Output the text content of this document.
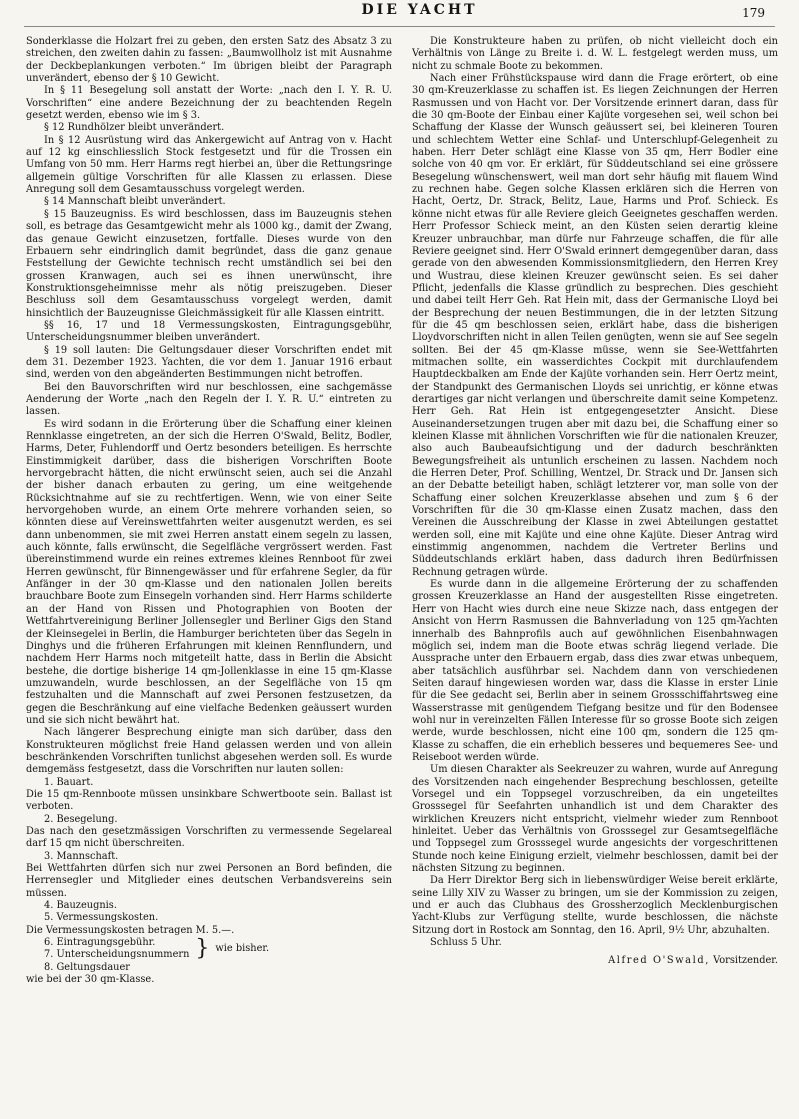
DIE YACHT	179

Sonderklasse die Holzart frei zu geben, den ersten Satz des Absatz 3 zu streichen, den zweiten dahin zu fassen: „Baumwollholz ist mit Ausnahme der Deckbeplankungen verboten.“ Im übrigen bleibt der Paragraph unverändert, ebenso der § 10 Gewicht.

In § 11 Besegelung soll anstatt der Worte: „nach den I. Y. R. U. Vorschriften“ eine andere Bezeichnung der zu beachtenden Regeln gesetzt werden, ebenso wie im § 3.

§ 12 Rundhölzer bleibt unverändert.

In § 12 Ausrüstung wird das Ankergewicht auf Antrag von v. Hacht auf 12 kg einschliesslich Stock festgesetzt und für die Trossen ein Umfang von 50 mm. Herr Harms regt hierbei an, über die Rettungsringe allgemein gültige Vorschriften für alle Klassen zu erlassen. Diese Anregung soll dem Gesamtausschuss vorgelegt werden.

§ 14 Mannschaft bleibt unverändert.

§ 15 Bauzeugniss. Es wird beschlossen, dass im Bauzeugnis stehen soll, es betrage das Gesamtgewicht mehr als 1000 kg., damit der Zwang, das genaue Gewicht einzusetzen, fortfalle. Dieses wurde von den Erbauern sehr eindringlich damit begründet, dass die ganz genaue Feststellung der Gewichte technisch recht umständlich sei bei den grossen Kranwagen, auch sei es ihnen unerwünscht, ihre Konstruktionsgeheimnisse mehr als nötig preiszugeben. Dieser Beschluss soll dem Gesamtausschuss vorgelegt werden, damit hinsichtlich der Bauzeugnisse Gleichmässigkeit für alle Klassen eintritt.

§§ 16, 17 und 18 Vermessungskosten, Eintragungsgebühr, Unterscheidungsnummer bleiben unverändert.

§ 19 soll lauten: Die Geltungsdauer dieser Vorschriften endet mit dem 31. Dezember 1923. Yachten, die vor dem 1. Januar 1916 erbaut sind, werden von den abgeänderten Bestimmungen nicht betroffen.

Bei den Bauvorschriften wird nur beschlossen, eine sachgemässe Aenderung der Worte „nach den Regeln der I. Y. R. U.“ eintreten zu lassen.

Es wird sodann in die Erörterung über die Schaffung einer kleinen Rennklasse eingetreten, an der sich die Herren O'Swald, Belitz, Bodler, Harms, Deter, Fuhlendorff und Oertz besonders beteiligen. Es herrschte Einstimmigkeit darüber, dass die bisherigen Vorschriften Boote hervorgebracht hätten, die nicht erwünscht seien, auch sei die Anzahl der bisher danach erbauten zu gering, um eine weitgehende Rücksichtnahme auf sie zu rechtfertigen. Wenn, wie von einer Seite hervorgehoben wurde, an einem Orte mehrere vorhanden seien, so könnten diese auf Vereinswettfahrten weiter ausgenutzt werden, es sei dann unbenommen, sie mit zwei Herren anstatt einem segeln zu lassen, auch könnte, falls erwünscht, die Segelfläche vergrössert werden. Fast übereinstimmend wurde ein reines extremes kleines Rennboot für zwei Herren gewünscht, für Binnengewässer und für erfahrene Segler, da für Anfänger in der 30 qm-Klasse und den nationalen Jollen bereits brauchbare Boote zum Einsegeln vorhanden sind. Herr Harms schilderte an der Hand von Rissen und Photographien von Booten der Wettfahrtvereinigung Berliner Jollensegler und Berliner Gigs den Stand der Kleinsegelei in Berlin, die Hamburger berichteten über das Segeln in Dinghys und die früheren Erfahrungen mit kleinen Rennflundern, und nachdem Herr Harms noch mitgeteilt hatte, dass in Berlin die Absicht bestehe, die dortige bisherige 14 qm-Jollenklasse in eine 15 qm-Klasse umzuwandeln, wurde beschlossen, an der Segelfläche von 15 qm festzuhalten und die Mannschaft auf zwei Personen festzusetzen, da gegen die Beschränkung auf eine vielfache Bedenken geäussert wurden und sie sich nicht bewährt hat.

Nach längerer Besprechung einigte man sich darüber, dass den Konstrukteuren möglichst freie Hand gelassen werden und von allein beschränkenden Vorschriften tunlichst abgesehen werden soll. Es wurde demgemäss festgesetzt, dass die Vorschriften nur lauten sollen:

1. Bauart.

Die 15 qm-Rennboote müssen unsinkbare Schwertboote sein. Ballast ist verboten.

2. Besegelung.

Das nach den gesetzmässigen Vorschriften zu vermessende Segelareal darf 15 qm nicht überschreiten.

3. Mannschaft.

Bei Wettfahrten dürfen sich nur zwei Personen an Bord befinden, die Herrensegler und Mitglieder eines deutschen Verbandsvereins sein müssen.

4. Bauzeugnis.
5. Vermessungskosten.
Die Vermessungskosten betragen M. 5.—.
6. Eintragungsgebühr.
7. Unterscheidungsnummern } wie bisher.
8. Geltungsdauer
wie bei der 30 qm-Klasse.

Die Konstrukteure haben zu prüfen, ob nicht vielleicht doch ein Verhältnis von Länge zu Breite i. d. W. L. festgelegt werden muss, um nicht zu schmale Boote zu bekommen.

Nach einer Frühstückspause wird dann die Frage erörtert, ob eine 30 qm-Kreuzerklasse zu schaffen ist. Es liegen Zeichnungen der Herren Rasmussen und von Hacht vor. Der Vorsitzende erinnert daran, dass für die 30 qm-Boote der Einbau einer Kajüte vorgesehen sei, weil schon bei Schaffung der Klasse der Wunsch geäussert sei, bei kleineren Touren und schlechtem Wetter eine Schlaf- und Unterschlupf-Gelegenheit zu haben. Herr Deter schlägt eine Klasse von 35 qm, Herr Bodler eine solche von 40 qm vor. Er erklärt, für Süddeutschland sei eine grössere Besegelung wünschenswert, weil man dort sehr häufig mit flauem Wind zu rechnen habe. Gegen solche Klassen erklären sich die Herren von Hacht, Oertz, Dr. Strack, Belitz, Laue, Harms und Prof. Schieck. Es könne nicht etwas für alle Reviere gleich Geeignetes geschaffen werden. Herr Professor Schieck meint, an den Küsten seien derartig kleine Kreuzer unbrauchbar, man dürfe nur Fahrzeuge schaffen, die für alle Reviere geeignet sind. Herr O'Swald erinnert demgegenüber daran, dass gerade von den abwesenden Kommissionsmitgliedern, den Herren Krey und Wustrau, diese kleinen Kreuzer gewünscht seien. Es sei daher Pflicht, jedenfalls die Klasse gründlich zu besprechen. Dies geschieht und dabei teilt Herr Geh. Rat Hein mit, dass der Germanische Lloyd bei der Besprechung der neuen Bestimmungen, die in der letzten Sitzung für die 45 qm beschlossen seien, erklärt habe, dass die bisherigen Lloydvorschriften nicht in allen Teilen genügten, wenn sie auf See segeln sollten. Bei der 45 qm-Klasse müsse, wenn sie See-Wettfahrten mitmachen sollte, ein wasserdichtes Cockpit mit durchlaufendem Hauptdeckbalken am Ende der Kajüte vorhanden sein. Herr Oertz meint, der Standpunkt des Germanischen Lloyds sei unrichtig, er könne etwas derartiges gar nicht verlangen und überschreite damit seine Kompetenz. Herr Geh. Rat Hein ist entgegengesetzter Ansicht. Diese Auseinandersetzungen trugen aber mit dazu bei, die Schaffung einer so kleinen Klasse mit ähnlichen Vorschriften wie für die nationalen Kreuzer, also auch Baubeaufsichtigung und der dadurch beschränkten Bewegungsfreiheit als untunlich erscheinen zu lassen. Nachdem noch die Herren Deter, Prof. Schilling, Wentzel, Dr. Strack und Dr. Jansen sich an der Debatte beteiligt haben, schlägt letzterer vor, man solle von der Schaffung einer solchen Kreuzerklasse absehen und zum § 6 der Vorschriften für die 30 qm-Klasse einen Zusatz machen, dass den Vereinen die Ausschreibung der Klasse in zwei Abteilungen gestattet werden soll, eine mit Kajüte und eine ohne Kajüte. Dieser Antrag wird einstimmig angenommen, nachdem die Vertreter Berlins und Süddeutschlands erklärt haben, dass dadurch ihren Bedürfnissen Rechnung getragen würde.

Es wurde dann in die allgemeine Erörterung der zu schaffenden grossen Kreuzerklasse an Hand der ausgestellten Risse eingetreten. Herr von Hacht wies durch eine neue Skizze nach, dass entgegen der Ansicht von Herrn Rasmussen die Bahnverladung von 125 qm-Yachten innerhalb des Bahnprofils auch auf gewöhnlichen Eisenbahnwagen möglich sei, indem man die Boote etwas schräg liegend verlade. Die Aussprache unter den Erbauern ergab, dass dies zwar etwas unbequem, aber tatsächlich ausführbar sei. Nachdem dann von verschiedenen Seiten darauf hingewiesen worden war, dass die Klasse in erster Linie für die See gedacht sei, Berlin aber in seinem Grossschiffahrtsweg eine Wasserstrasse mit genügendem Tiefgang besitze und für den Bodensee wohl nur in vereinzelten Fällen Interesse für so grosse Boote sich zeigen werde, wurde beschlossen, nicht eine 100 qm, sondern die 125 qm-Klasse zu schaffen, die ein erheblich besseres und bequemeres See- und Reiseboot werden würde.

Um diesen Charakter als Seekreuzer zu wahren, wurde auf Anregung des Vorsitzenden nach eingehender Besprechung beschlossen, geteilte Vorsegel und ein Toppsegel vorzuschreiben, da ein ungeteiltes Grosssegel für Seefahrten unhandlich ist und dem Charakter des wirklichen Kreuzers nicht entspricht, vielmehr wieder zum Rennboot hinleitet. Ueber das Verhältnis von Grosssegel zur Gesamtsegelfläche und Toppsegel zum Grosssegel wurde angesichts der vorgeschrittenen Stunde noch keine Einigung erzielt, vielmehr beschlossen, damit bei der nächsten Sitzung zu beginnen.

Da Herr Direktor Berg sich in liebenswürdiger Weise bereit erklärte, seine Lilly XIV zu Wasser zu bringen, um sie der Kommission zu zeigen, und er auch das Clubhaus des Grossherzoglich Mecklenburgischen Yacht-Klubs zur Verfügung stellte, wurde beschlossen, die nächste Sitzung dort in Rostock am Sonntag, den 16. April, 9½ Uhr, abzuhalten.

Schluss 5 Uhr.
Alfred O'Swald, Vorsitzender.
